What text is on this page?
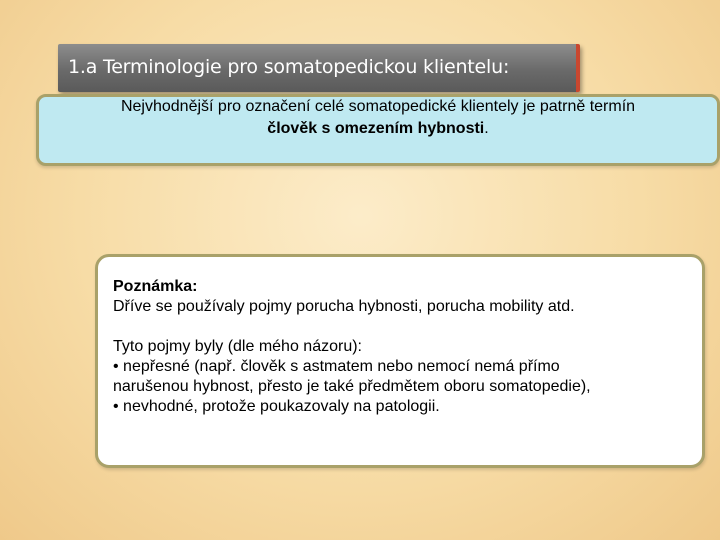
1.a Terminologie pro somatopedickou klientelu:
Nejvhodnější pro označení celé somatopedické klientely je patrně termín
člověk s omezením hybnosti.
Poznámka:
Dříve se používaly pojmy porucha hybnosti, porucha mobility atd.
Tyto pojmy byly (dle mého názoru):
• nepřesné (např. člověk s astmatem nebo nemocí nemá přímo
narušenou hybnost, přesto je také předmětem oboru somatopedie),
• nevhodné, protože poukazovaly na patologii.
